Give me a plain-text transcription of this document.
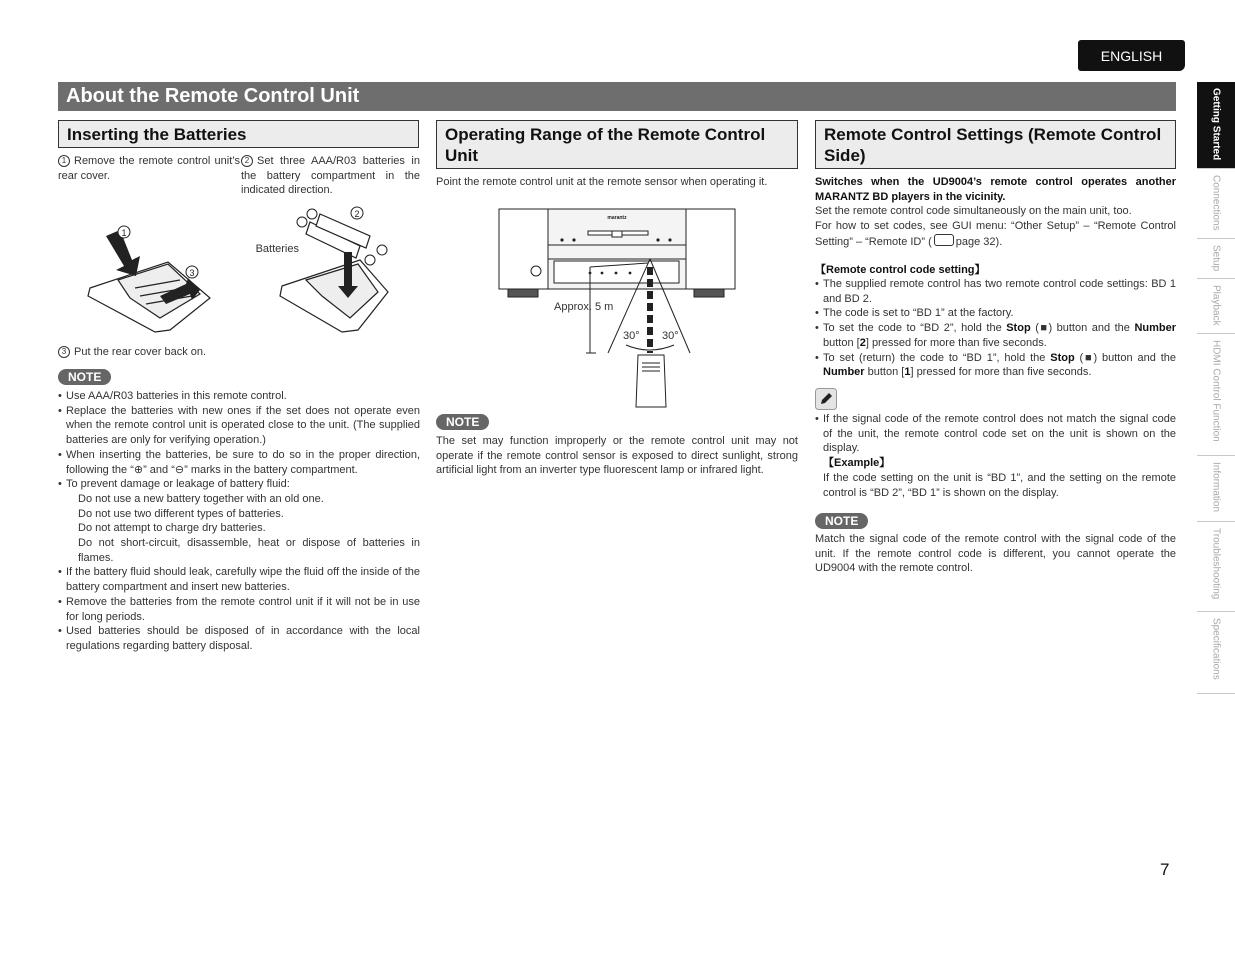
ENGLISH
About the Remote Control Unit
Inserting the Batteries
1 Remove the remote control unit’s rear cover.
2 Set three AAA/R03 batteries in the battery compartment in the indicated direction.
1
3
Batteries
2
3 Put the rear cover back on.
NOTE
• Use AAA/R03 batteries in this remote control.
• Replace the batteries with new ones if the set does not operate even when the remote control unit is operated close to the unit. (The supplied batteries are only for verifying operation.)
• When inserting the batteries, be sure to do so in the proper direction, following the “⊕” and “⊖” marks in the battery compartment.
• To prevent damage or leakage of battery fluid:
Do not use a new battery together with an old one.
Do not use two different types of batteries.
Do not attempt to charge dry batteries.
Do not short-circuit, disassemble, heat or dispose of batteries in flames.
• If the battery fluid should leak, carefully wipe the fluid off the inside of the battery compartment and insert new batteries.
• Remove the batteries from the remote control unit if it will not be in use for long periods.
• Used batteries should be disposed of in accordance with the local regulations regarding battery disposal.
Operating Range of the Remote Control Unit
Point the remote control unit at the remote sensor when operating it.
marantz
Approx. 5 m
30° 30°
NOTE
The set may function improperly or the remote control unit may not operate if the remote control sensor is exposed to direct sunlight, strong artificial light from an inverter type fluorescent lamp or infrared light.
Remote Control Settings (Remote Control Side)
Switches when the UD9004’s remote control operates another MARANTZ BD players in the vicinity.
Set the remote control code simultaneously on the main unit, too.
For how to set codes, see GUI menu: “Other Setup” – “Remote Control Setting” – “Remote ID” ( page 32).
【Remote control code setting】
• The supplied remote control has two remote control code settings: BD 1 and BD 2.
• The code is set to “BD 1” at the factory.
• To set the code to “BD 2”, hold the Stop (■) button and the Number button [2] pressed for more than five seconds.
• To set (return) the code to “BD 1”, hold the Stop (■) button and the Number button [1] pressed for more than five seconds.
• If the signal code of the remote control does not match the signal code of the unit, the remote control code set on the unit is shown on the display.
【Example】
If the code setting on the unit is “BD 1”, and the setting on the remote control is “BD 2”, “BD 1” is shown on the display.
NOTE
Match the signal code of the remote control with the signal code of the unit. If the remote control code is different, you cannot operate the UD9004 with the remote control.
Getting Started
Connections
Setup
Playback
HDMI Control Function
Information
Troubleshooting
Specifications
7
